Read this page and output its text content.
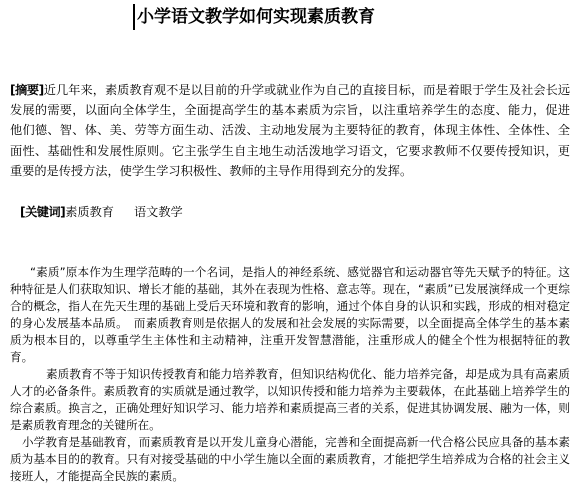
小学语文教学如何实现素质教育
[摘要]近几年来，素质教育观不是以目前的升学或就业作为自己的直接目标，而是着眼于学生及社会长远发展的需要，以面向全体学生，全面提高学生的基本素质为宗旨，以注重培养学生的态度、能力，促进他们德、智、体、美、劳等方面生动、活泼、主动地发展为主要特征的教育，体现主体性、全体性、全面性、基础性和发展性原则。它主张学生自主地生动活泼地学习语文，它要求教师不仅要传授知识，更重要的是传授方法，使学生学习积极性、教师的主导作用得到充分的发挥。
[关键词]素质教育 语文教学

“素质”原本作为生理学范畴的一个名词，是指人的神经系统、感觉器官和运动器官等先天赋予的特征。这种特征是人们获取知识、增长才能的基础，其外在表现为性格、意志等。现在，“素质”已发展演绎成一个更综合的概念，指人在先天生理的基础上受后天环境和教育的影响，通过个体自身的认识和实践，形成的相对稳定的身心发展基本品质。　而素质教育则是依据人的发展和社会发展的实际需要，以全面提高全体学生的基本素质为根本目的，以尊重学生主体性和主动精神，注重开发智慧潜能，注重形成人的健全个性为根据特征的教育。

素质教育不等于知识传授教育和能力培养教育，但知识结构优化、能力培养完备，却是成为具有高素质人才的必备条件。素质教育的实质就是通过教学，以知识传授和能力培养为主要载体，在此基础上培养学生的综合素质。换言之，正确处理好知识学习、能力培养和素质提高三者的关系，促进其协调发展、融为一体，则是素质教育理念的关键所在。

小学教育是基础教育，而素质教育是以开发儿童身心潜能，完善和全面提高新一代合格公民应具备的基本素质为基本目的的教育。只有对接受基础的中小学生施以全面的素质教育，才能把学生培养成为合格的社会主义接班人，才能提高全民族的素质。
